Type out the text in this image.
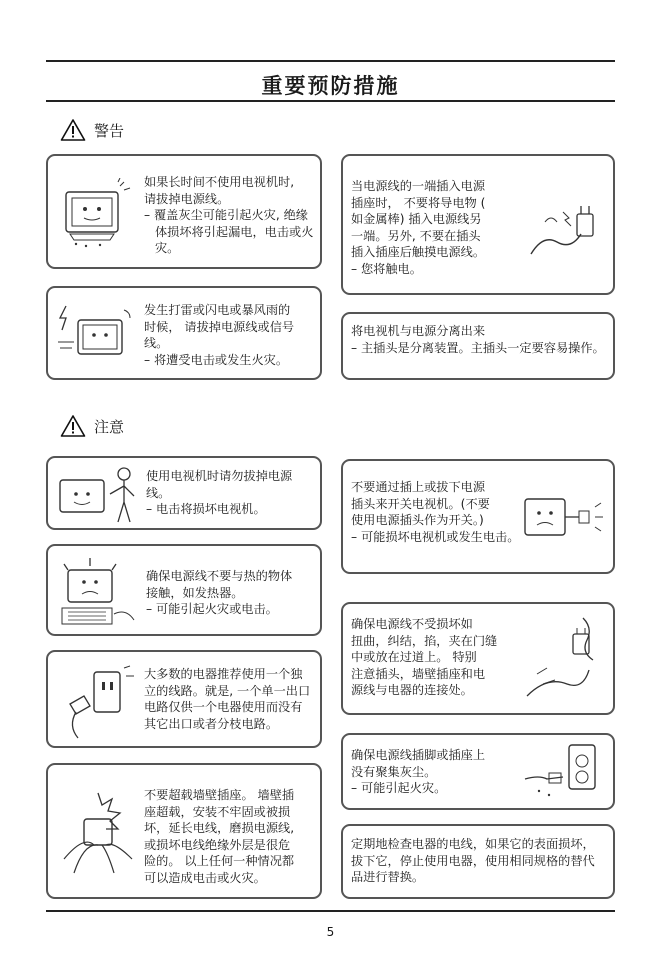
重要预防措施
警告

如果长时间不使用电视机时,

请拔掉电源线。

– 覆盖灰尘可能引起火灾, 绝缘体损坏将引起漏电，电击或火灾。

当电源线的一端插入电源

插座时， 不要将导电物 (

如金属棒) 插入电源线另

一端。另外, 不要在插头

插入插座后触摸电源线。

– 您将触电。

发生打雷或闪电或暴风雨的

时候， 请拔掉电源线或信号

线。

– 将遭受电击或发生火灾。

将电视机与电源分离出来

– 主插头是分离装置。主插头一定要容易操作。

注意

使用电视机时请勿拔掉电源

线。

– 电击将损坏电视机。

不要通过插上或拔下电源

插头来开关电视机。(不要

使用电源插头作为开关。)

– 可能损坏电视机或发生电击。

确保电源线不要与热的物体

接触，如发热器。

– 可能引起火灾或电击。

确保电源线不受损坏如

扭曲，纠结，掐，夹在门缝

中或放在过道上。 特别

注意插头，墙壁插座和电

源线与电器的连接处。

大多数的电器推荐使用一个独

立的线路。就是, 一个单一出口

电路仅供一个电器使用而没有

其它出口或者分枝电路。

确保电源线插脚或插座上

没有聚集灰尘。

– 可能引起火灾。

不要超载墙壁插座。 墙壁插

座超载，安装不牢固或被损

坏，延长电线，磨损电源线,

或损坏电线绝缘外层是很危

险的。 以上任何一种情况都

可以造成电击或火灾。

定期地检查电器的电线，如果它的表面损坏，

拔下它，停止使用电器，使用相同规格的替代

品进行替换。

5
